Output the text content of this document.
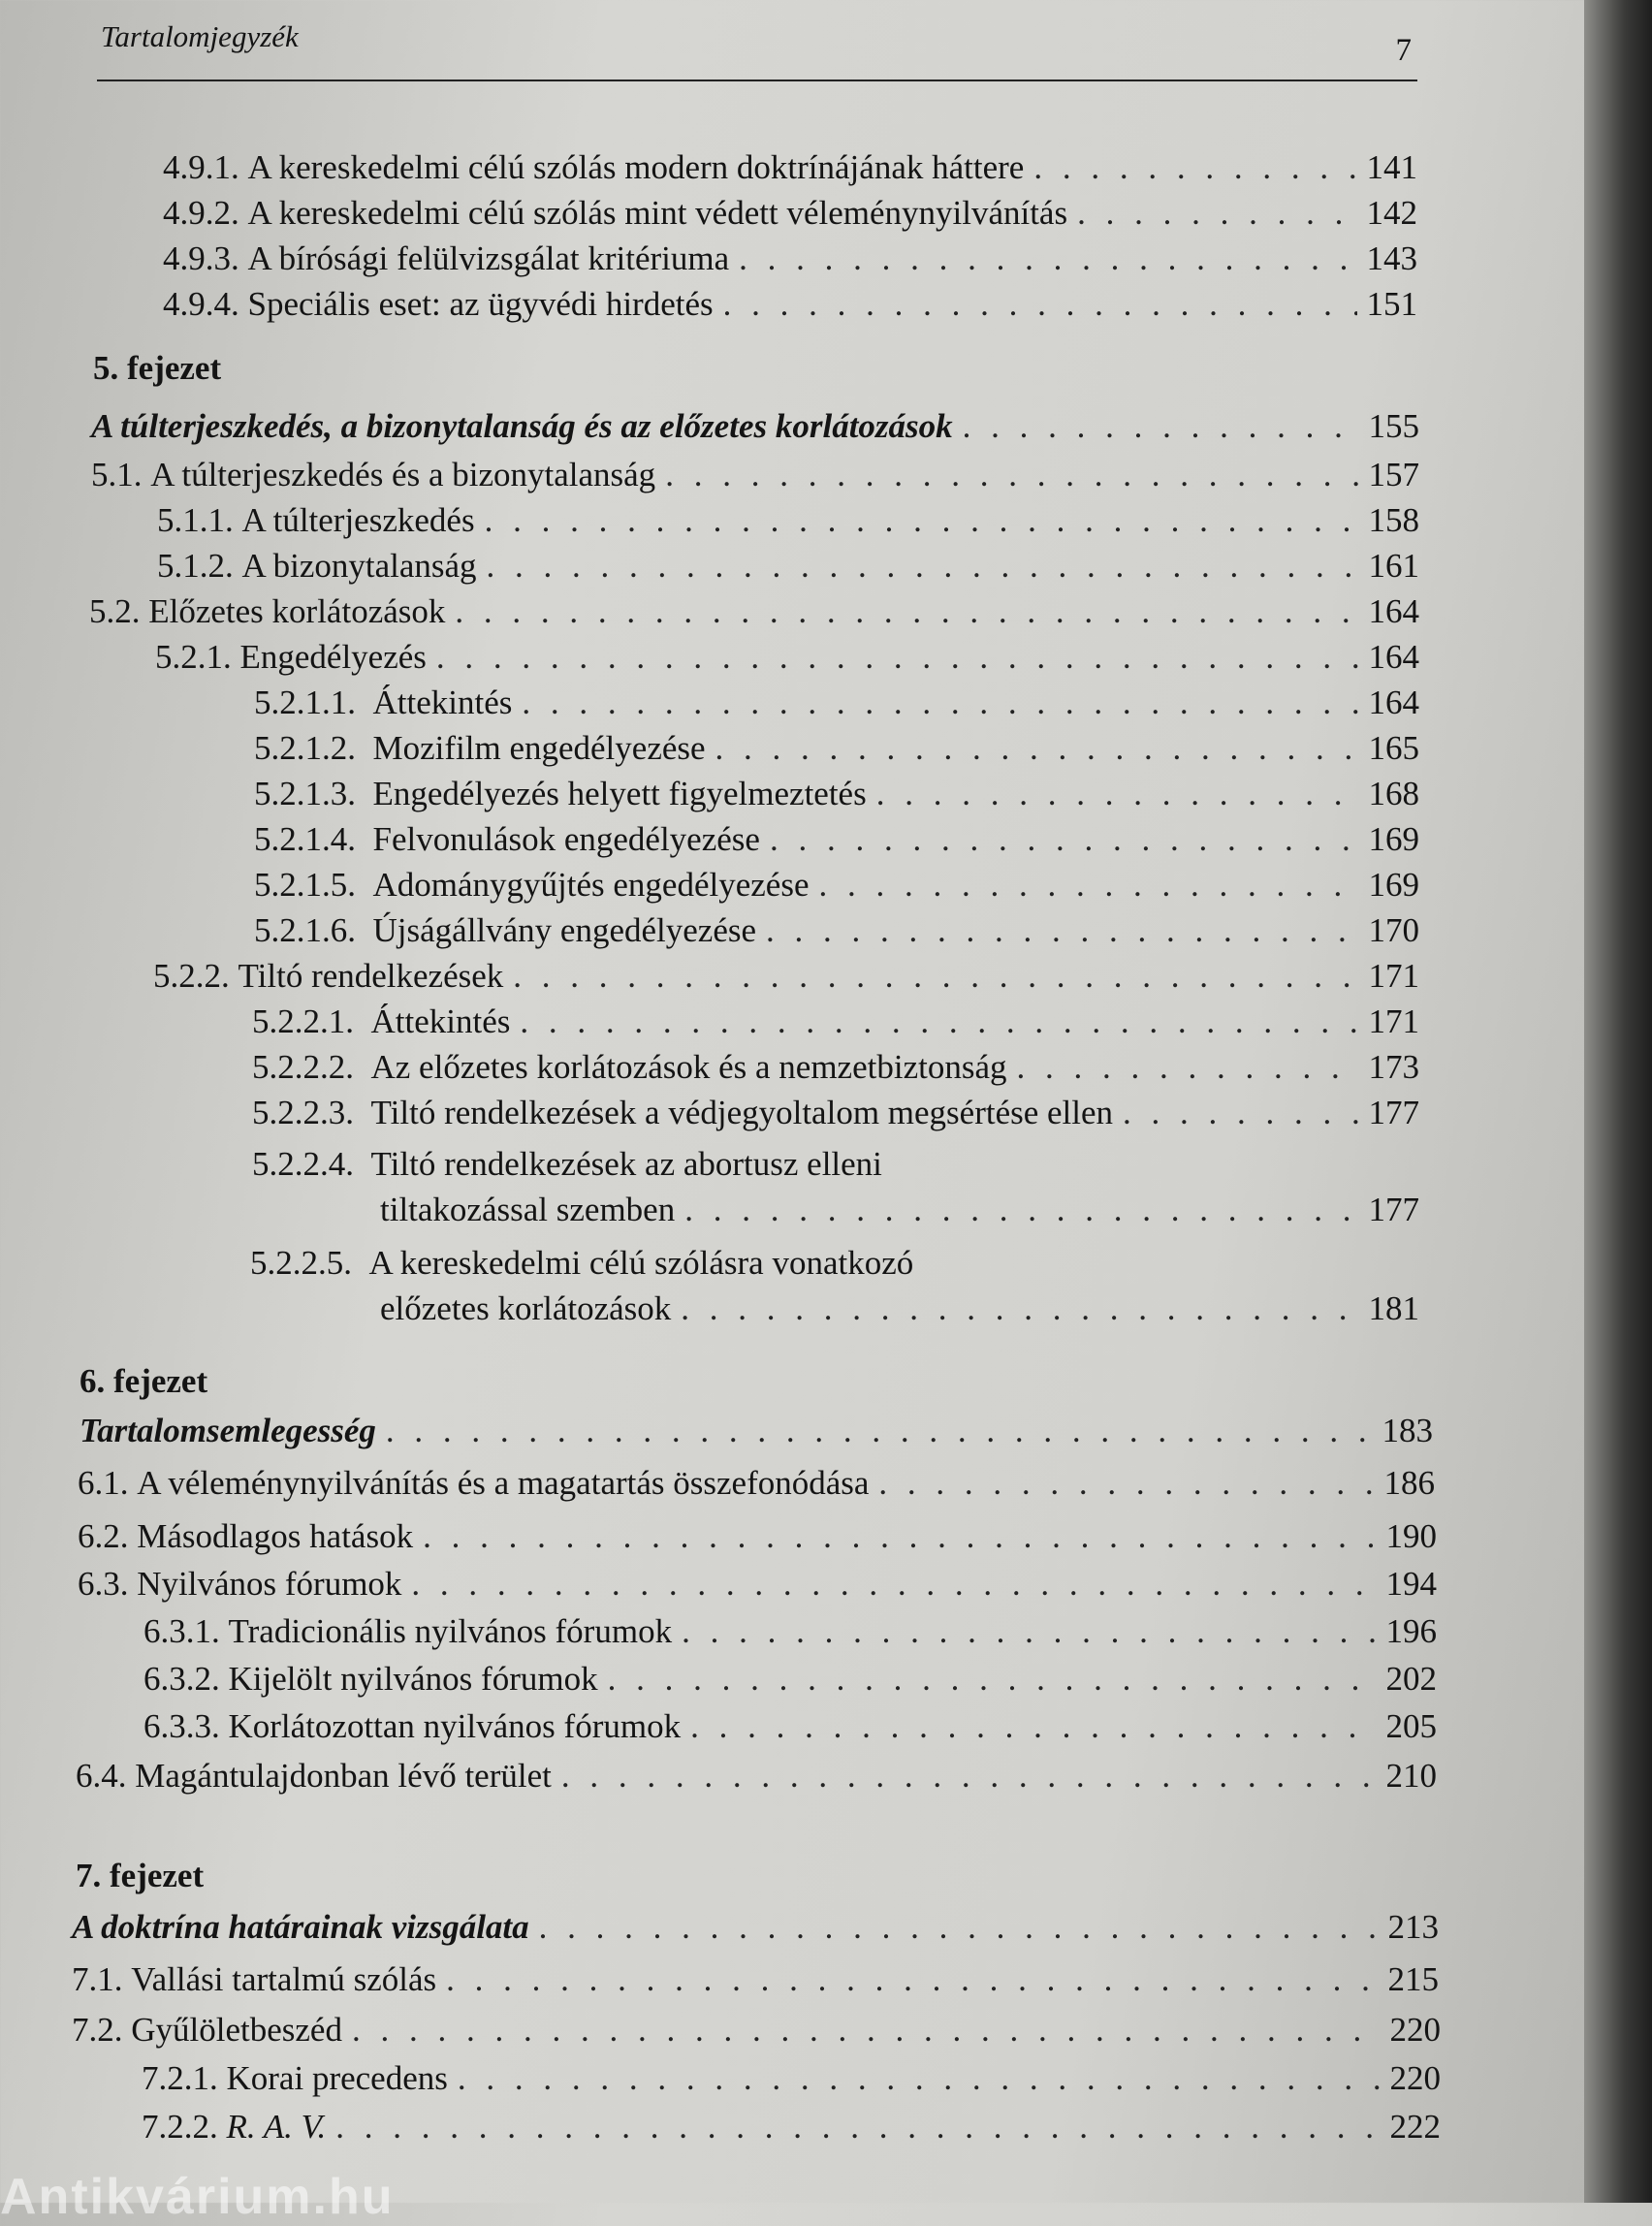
Tartalomjegyzék	7
4.9.1. A kereskedelmi célú szólás modern doktrínájának háttere . . .	141
4.9.2. A kereskedelmi célú szólás mint védett véleménynyilvánítás . . .	142
4.9.3. A bírósági felülvizsgálat kritériuma . . .	143
4.9.4. Speciális eset: az ügyvédi hirdetés . . .	151
5. fejezet
A túlterjeszkedés, a bizonytalanság és az előzetes korlátozások . . .	155
5.1. A túlterjeszkedés és a bizonytalanság . . .	157
5.1.1. A túlterjeszkedés . . .	158
5.1.2. A bizonytalanság . . .	161
5.2. Előzetes korlátozások . . .	164
5.2.1. Engedélyezés . . .	164
5.2.1.1. Áttekintés . . .	164
5.2.1.2. Mozifilm engedélyezése . . .	165
5.2.1.3. Engedélyezés helyett figyelmeztetés . . .	168
5.2.1.4. Felvonulások engedélyezése . . .	169
5.2.1.5. Adománygyűjtés engedélyezése . . .	169
5.2.1.6. Újságállvány engedélyezése . . .	170
5.2.2. Tiltó rendelkezések . . .	171
5.2.2.1. Áttekintés . . .	171
5.2.2.2. Az előzetes korlátozások és a nemzetbiztonság . . .	173
5.2.2.3. Tiltó rendelkezések a védjegyoltalom megsértése ellen . . .	177
5.2.2.4. Tiltó rendelkezések az abortusz elleni
tiltakozással szemben . . .	177
5.2.2.5. A kereskedelmi célú szólásra vonatkozó
előzetes korlátozások . . .	181
6. fejezet
Tartalomsemlegesség . . .	183
6.1. A véleménynyilvánítás és a magatartás összefonódása . . .	186
6.2. Másodlagos hatások . . .	190
6.3. Nyilvános fórumok . . .	194
6.3.1. Tradicionális nyilvános fórumok . . .	196
6.3.2. Kijelölt nyilvános fórumok . . .	202
6.3.3. Korlátozottan nyilvános fórumok . . .	205
6.4. Magántulajdonban lévő terület . . .	210
7. fejezet
A doktrína határainak vizsgálata . . .	213
7.1. Vallási tartalmú szólás . . .	215
7.2. Gyűlöletbeszéd . . .	220
7.2.1. Korai precedens . . .	220
7.2.2. R. A. V. . . .	222
Antikvárium.hu
